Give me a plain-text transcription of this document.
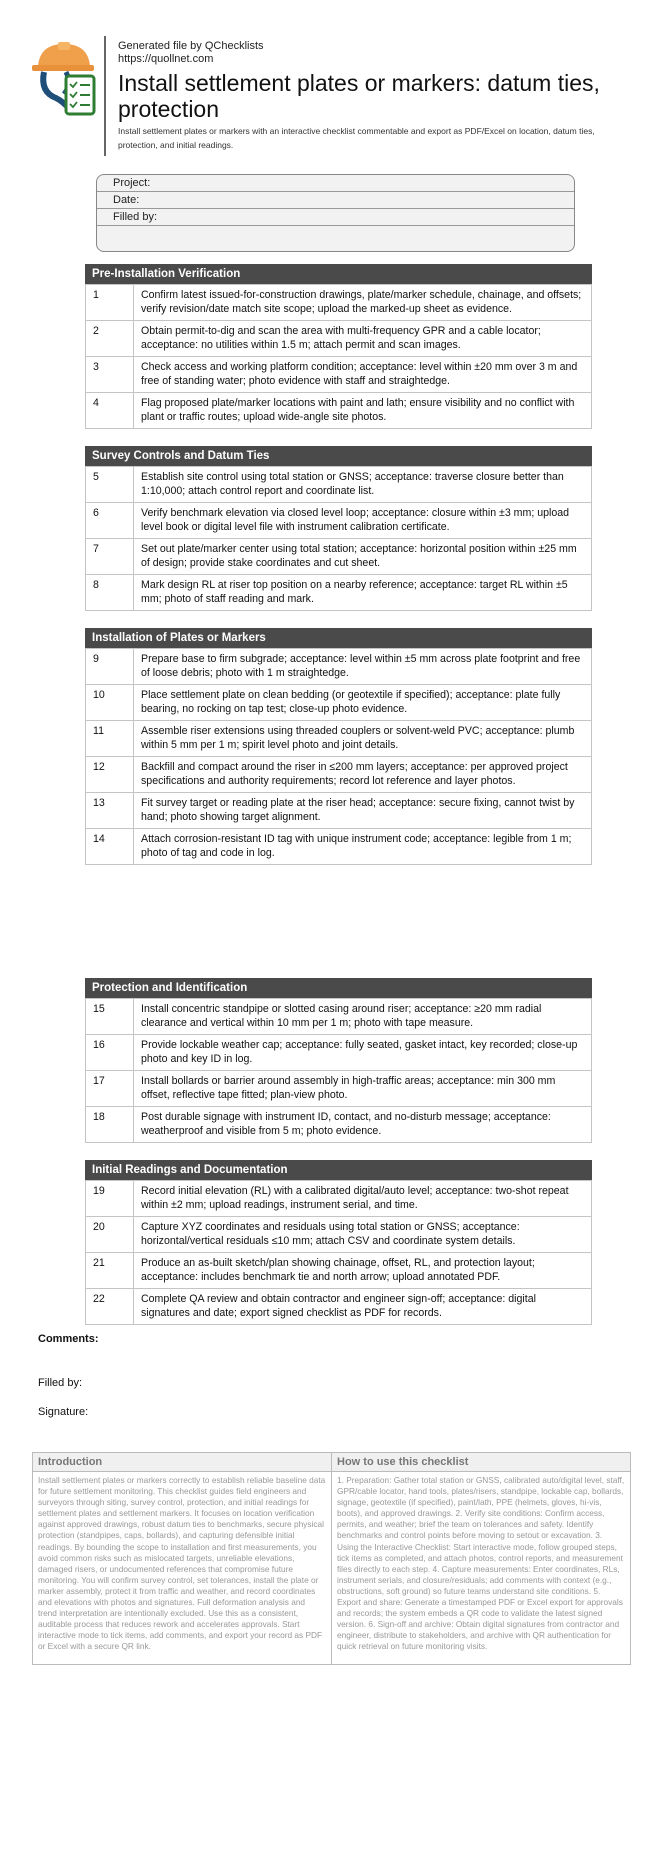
Generated file by QChecklists
https://quollnet.com
Install settlement plates or markers: datum ties, protection
Install settlement plates or markers with an interactive checklist commentable and export as PDF/Excel on location, datum ties, protection, and initial readings.
Project:
Date:
Filled by:
Pre-Installation Verification
1	Confirm latest issued-for-construction drawings, plate/marker schedule, chainage, and offsets; verify revision/date match site scope; upload the marked-up sheet as evidence.
2	Obtain permit-to-dig and scan the area with multi-frequency GPR and a cable locator; acceptance: no utilities within 1.5 m; attach permit and scan images.
3	Check access and working platform condition; acceptance: level within ±20 mm over 3 m and free of standing water; photo evidence with staff and straightedge.
4	Flag proposed plate/marker locations with paint and lath; ensure visibility and no conflict with plant or traffic routes; upload wide-angle site photos.
Survey Controls and Datum Ties
5	Establish site control using total station or GNSS; acceptance: traverse closure better than 1:10,000; attach control report and coordinate list.
6	Verify benchmark elevation via closed level loop; acceptance: closure within ±3 mm; upload level book or digital level file with instrument calibration certificate.
7	Set out plate/marker center using total station; acceptance: horizontal position within ±25 mm of design; provide stake coordinates and cut sheet.
8	Mark design RL at riser top position on a nearby reference; acceptance: target RL within ±5 mm; photo of staff reading and mark.
Installation of Plates or Markers
9	Prepare base to firm subgrade; acceptance: level within ±5 mm across plate footprint and free of loose debris; photo with 1 m straightedge.
10	Place settlement plate on clean bedding (or geotextile if specified); acceptance: plate fully bearing, no rocking on tap test; close-up photo evidence.
11	Assemble riser extensions using threaded couplers or solvent-weld PVC; acceptance: plumb within 5 mm per 1 m; spirit level photo and joint details.
12	Backfill and compact around the riser in ≤200 mm layers; acceptance: per approved project specifications and authority requirements; record lot reference and layer photos.
13	Fit survey target or reading plate at the riser head; acceptance: secure fixing, cannot twist by hand; photo showing target alignment.
14	Attach corrosion-resistant ID tag with unique instrument code; acceptance: legible from 1 m; photo of tag and code in log.
Protection and Identification
15	Install concentric standpipe or slotted casing around riser; acceptance: ≥20 mm radial clearance and vertical within 10 mm per 1 m; photo with tape measure.
16	Provide lockable weather cap; acceptance: fully seated, gasket intact, key recorded; close-up photo and key ID in log.
17	Install bollards or barrier around assembly in high-traffic areas; acceptance: min 300 mm offset, reflective tape fitted; plan-view photo.
18	Post durable signage with instrument ID, contact, and no-disturb message; acceptance: weatherproof and visible from 5 m; photo evidence.
Initial Readings and Documentation
19	Record initial elevation (RL) with a calibrated digital/auto level; acceptance: two-shot repeat within ±2 mm; upload readings, instrument serial, and time.
20	Capture XYZ coordinates and residuals using total station or GNSS; acceptance: horizontal/vertical residuals ≤10 mm; attach CSV and coordinate system details.
21	Produce an as-built sketch/plan showing chainage, offset, RL, and protection layout; acceptance: includes benchmark tie and north arrow; upload annotated PDF.
22	Complete QA review and obtain contractor and engineer sign-off; acceptance: digital signatures and date; export signed checklist as PDF for records.
Comments:
Filled by:
Signature:
Introduction
Install settlement plates or markers correctly to establish reliable baseline data for future settlement monitoring. This checklist guides field engineers and surveyors through siting, survey control, protection, and initial readings for settlement plates and settlement markers. It focuses on location verification against approved drawings, robust datum ties to benchmarks, secure physical protection (standpipes, caps, bollards), and capturing defensible initial readings. By bounding the scope to installation and first measurements, you avoid common risks such as mislocated targets, unreliable elevations, damaged risers, or undocumented references that compromise future monitoring. You will confirm survey control, set tolerances, install the plate or marker assembly, protect it from traffic and weather, and record coordinates and elevations with photos and signatures. Full deformation analysis and trend interpretation are intentionally excluded. Use this as a consistent, auditable process that reduces rework and accelerates approvals. Start interactive mode to tick items, add comments, and export your record as PDF or Excel with a secure QR link.
How to use this checklist
1. Preparation: Gather total station or GNSS, calibrated auto/digital level, staff, GPR/cable locator, hand tools, plates/risers, standpipe, lockable cap, bollards, signage, geotextile (if specified), paint/lath, PPE (helmets, gloves, hi-vis, boots), and approved drawings. 2. Verify site conditions: Confirm access, permits, and weather; brief the team on tolerances and safety. Identify benchmarks and control points before moving to setout or excavation. 3. Using the Interactive Checklist: Start interactive mode, follow grouped steps, tick items as completed, and attach photos, control reports, and measurement files directly to each step. 4. Capture measurements: Enter coordinates, RLs, instrument serials, and closure/residuals; add comments with context (e.g., obstructions, soft ground) so future teams understand site conditions. 5. Export and share: Generate a timestamped PDF or Excel export for approvals and records; the system embeds a QR code to validate the latest signed version. 6. Sign-off and archive: Obtain digital signatures from contractor and engineer, distribute to stakeholders, and archive with QR authentication for quick retrieval on future monitoring visits.
